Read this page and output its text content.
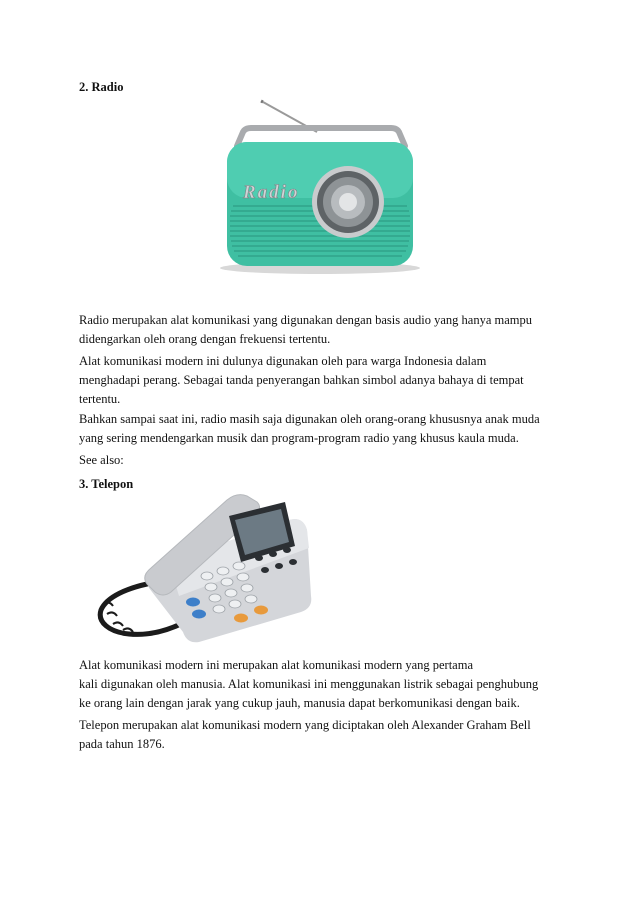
2. Radio

Radio
Radio merupakan alat komunikasi yang digunakan dengan basis audio yang hanya mampu
didengarkan oleh orang dengan frekuensi tertentu.
Alat komunikasi modern ini dulunya digunakan oleh para warga Indonesia dalam
menghadapi perang. Sebagai tanda penyerangan bahkan simbol adanya bahaya di tempat
tertentu.
Bahkan sampai saat ini, radio masih saja digunakan oleh orang-orang khususnya anak muda
yang sering mendengarkan musik dan program-program radio yang khusus kaula muda.
See also:

3. Telepon

Alat komunikasi modern ini merupakan alat komunikasi modern yang pertama
kali digunakan oleh manusia. Alat komunikasi ini menggunakan listrik sebagai penghubung
ke orang lain dengan jarak yang cukup jauh, manusia dapat berkomunikasi dengan baik.
Telepon merupakan alat komunikasi modern yang diciptakan oleh Alexander Graham Bell
pada tahun 1876.
